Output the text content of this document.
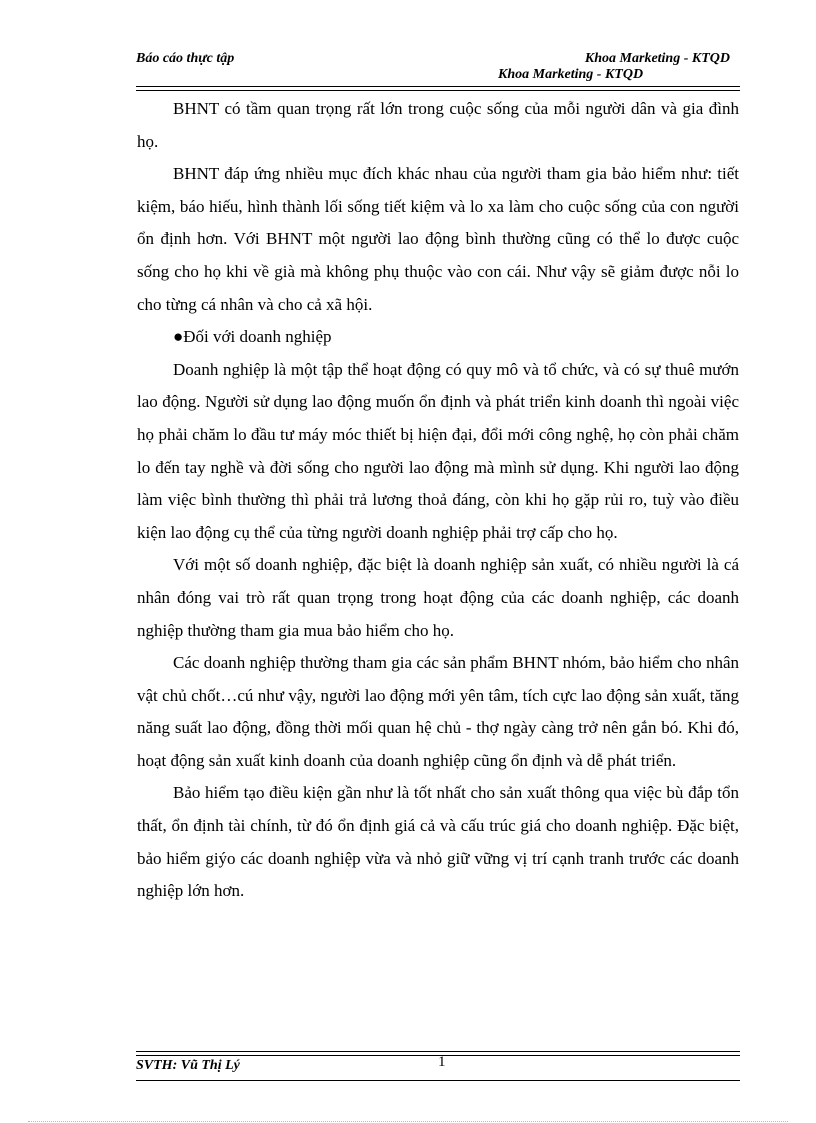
Báo cáo thực tập	Khoa Marketing - KTQD
Khoa Marketing - KTQD

BHNT có tầm quan trọng rất lớn trong cuộc sống của mỗi người dân và gia đình họ.

BHNT đáp ứng nhiều mục đích khác nhau của người tham gia bảo hiểm như: tiết kiệm, báo hiếu, hình thành lối sống tiết kiệm và lo xa làm cho cuộc sống của con người ổn định hơn. Với BHNT một người lao động bình thường cũng có thể lo được cuộc sống cho họ khi về già mà không phụ thuộc vào con cái. Như vậy sẽ giảm được nỗi lo cho từng cá nhân và cho cả xã hội.

●Đối với doanh nghiệp

Doanh nghiệp là một tập thể hoạt động có quy mô và tổ chức, và có sự thuê mướn lao động. Người sử dụng lao động muốn ổn định và phát triển kinh doanh thì ngoài việc họ phải chăm lo đầu tư máy móc thiết bị hiện đại, đổi mới công nghệ, họ còn phải chăm lo đến tay nghề và đời sống cho người lao động mà mình sử dụng. Khi người lao động làm việc bình thường thì phải trả lương thoả đáng, còn khi họ gặp rủi ro, tuỳ vào điều kiện lao động cụ thể của từng người doanh nghiệp phải trợ cấp cho họ.

Với một số doanh nghiệp, đặc biệt là doanh nghiệp sản xuất, có nhiều người là cá nhân đóng vai trò rất quan trọng trong hoạt động của các doanh nghiệp, các doanh nghiệp thường tham gia mua bảo hiểm cho họ.

Các doanh nghiệp thường tham gia các sản phẩm BHNT nhóm, bảo hiểm cho nhân vật chủ chốt…cú như vậy, người lao động mới yên tâm, tích cực lao động sản xuất, tăng năng suất lao động, đồng thời mối quan hệ chủ - thợ ngày càng trở nên gắn bó. Khi đó, hoạt động sản xuất kinh doanh của doanh nghiệp cũng ổn định và dễ phát triển.

Bảo hiểm tạo điều kiện gần như là tốt nhất cho sản xuất thông qua việc bù đắp tổn thất, ổn định tài chính, từ đó ổn định giá cả và cấu trúc giá cho doanh nghiệp. Đặc biệt, bảo hiểm giýo các doanh nghiệp vừa và nhỏ giữ vững vị trí cạnh tranh trước các doanh nghiệp lớn hơn.

SVTH: Vũ Thị Lý	1
